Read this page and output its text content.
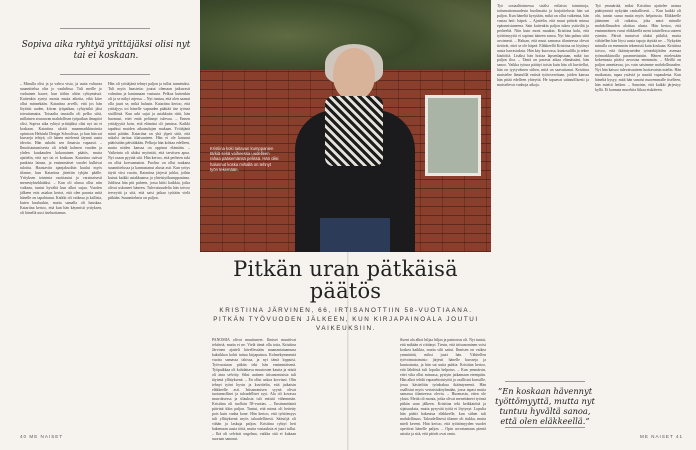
Sopiva aika ryhtyä yrittäjäksi olisi nyt tai ei koskaan.
– Minulla olisi ja ja vahva visio, ja uutta valtavaa suunnittelua olin jo vauhdissa. Tuli meille jo varhainen haave, kun töihin oltiin ryhtymässä. Kuitenkin syntyi monia muita aikeita, eikä kiire ollut minnekään. Katariina arvelli, että jos hän löytäisi uuden, kiivan työpaikan, ryhtyisikö jäisi toteuttamatta. Toisaalta taustalla oli pelko siitä, millainen seuraavan mahdollisen työpaikan ilmapiiri olisi. Sopiva aika ryhtyä yrittäjäksi olisi nyt tai ei koskaan. Katariina aloitti maanmarkkinointia opintoon Helsinki Design Schoolissa, ja kun hän sai kursseja tehtyä, oli hänen mielensä täynnä uusia ideoita. Hän uskalsi sen ilmaista vapaasti. – Ilmoittautumisesta oli tehdä kolmen vuoden ja yhden kuukauden kokonainen päätös, mutta ajattelin, että nyt tai ei koskaan. Katariina ostivat pankista lainan, ja ensimmäiset vuodet kulkivat tuloitta. Haastaviin ajanjaksoihin kuului myös tilanne, kun Katariina jätettiin tyhjän päälle. Yrityksen toiminta osoittautui jo varsinaisesti menestyksekkääksi. – Kun oli alussa ollut niin vaikeaa, tuntui hyvältä kun alkoi sujua. Vuoden jälkeen eräs asiakas kertoi, että olen parasta mitä hänelle on tapahtunut. Kaikki oli vaikeaa ja kallista, kuten kuuluukin, mutta samalla oli hauskaa. Katariina kertoo, että kun hän käynnisti yrityksen, oli hänellä uusi itseluottamus.
Hän oli yrittäjänä tehnyt paljon ja tullut tunnetuksi. Tuli myös haasteita: joutui olemaan jatkuvasti valmiina ja kantamaan vastuuta. Pelkoa kuitenkin oli ja se näkyi arjessa. – Nyt tuntuu, että olen saanut olla juuri se, mikä halusin. Katariina kertoo, että yrittäjyys toi hänelle vapauden päättää itse työnsä sisällöstä. Kun arki sujui ja asiakkaita riitti, hän huomasi, ettei enää pelännyt tulevaa. – Ennen yrittäjyyttä koin, että elämäni oli jumissa. Kaikki tapahtui muiden aikataulujen mukaan. Yrittäjänä minä päätän. Katariina on yhä ylpeä siitä, että uskalsi tarttua tilaisuuteen. Hän ei ole katunut päätöstään päivääkään. Pelkoja hän kohtaa edelleen, mutta niiden kanssa on oppinut elämään. – Vaikeinta oli aluksi myöntää, että tarvitsen apua. Nyt osaan pyytää sitä. Hän kertoo, että perheen tuki on ollut korvaamaton. Puoliso on ollut mukana suunnittelussa ja kannustanut alusta asti. Kun yritys täytti viisi vuotta, Katariina järjesti juhlat, joihin kutsui kaikki asiakkaansa ja yhteistyökumppaninsa. Juhlissa hän piti puheen, jossa kiitti kaikkia, jotka olivat uskoneet häneen. Tulevaisuudelta hän toivoo terveyttä ja sitä, että saisi jatkaa työtään vielä pitkään. Suunnitelmia on paljon.
Kristiina koki taitavan kumppanien tärkiä sekä vaiheessa uudelleen rahaa pääsemänsä pelissä. Hän olisi halunnut koska mihallä on tehnyt työn tekemään.
Pitkän uran pätkäisä päätös
KRISTIINA JÄRVINEN, 66, IRTISANOTTIIN 58-VUOTIAANA. PITKÄN TYÖVUODEN JÄLKEEN, KUN KIRJAPAINOALA JOUTUI VAIKEUKSIIN.
PANOMIA olivat muuttuneet. Ilmiset muuttivat tehtäviä, mutta ei ne. Vielä tämä olla totta, Kristiina Järvinen ajatteli kävellessään maanantaiaamuna kaksikkoa kohti tuttua kirjapainoa. Kolmekymmentä vuotta samassa talossa, ja nyt tämä loppuisi. Työvuosiaan pitkän teki hän ensimmäisenä. Työpaikkaa oli kohdattava muutosten kautta ja niistä oli aina selvitty. Siksi uutinen irtisanomisista tuli täytenä yllätyksenä. – En ollut uskoa korviani. Olin tehnyt työni hyvin ja kuvittelin, että jatkaisin eläkkeelle asti. Irtisanomisen syynä olivat tuotannolliset ja taloudelliset syyt. Ala oli kovassa murroksessa ja tilauksia tuli entistä vähemmän. Kristiina oli tuolloin 58-vuotias. – Ensimmäisinä päivinä itkin paljon. Tuntui, että minut oli heitetty pois kuin vanha kone. Hän kertoo, että työttömyys tuli yllätyksenä myös taloudellisesti. Säästöjä oli vähän ja laskuja paljon. Kristiina ryhtyi heti hakemaan uusia töitä, mutta vastauksia ei juuri tullut. – Ikä oli selvästi ongelma, vaikka sitä ei kukaan suoraan sanonut.
fluent ala alkoi hiljaa hiljaa ja painostus oli. Nyt tuntui, että mikään ei riittänyt. Tiesin, että irtisanominen voisi koskea kaikkia, mutta silti sattui. Ihmisen on vaikea ymmärtää, miksi juuri hän. Vähitellen työvoimatoimisto järjesti hänelle kursseja ja kuntoutusta, ja hän sai uutta puhtia. Kristiina kertoo, että lähdöstä tuli lopulta helpotus. – Kun ymmärsin, ettei vika ollut minussa, pystyin jatkamaan eteenpäin. Hän alkoi tehdä vapaaehtoistyötä ja osallistui kurssille, jossa käsiteltiin työnhakua ikääntyneenä. Hän osallistui myös vertaistukiryhmään, jossa tapasi muita samassa tilanteessa olevia. – Huomasin, etten ole yksin. Meitä oli monta, jotka olivat menettäneet työnsä pitkän uran jälkeen. Kristiina teki keikkatöitä ja sijaisuuksia, mutta pysyvää työtä ei löytynyt. Lopulta hän päätti hakeutua eläkkeelle, kun siihen tuli mahdollisuus. Taloudellisesti tilanne oli tiukka, mutta mieli keveni. Hän kertoo, että työttömyyden vuodet opettivat hänelle paljon. – Opin arvostamaan pieniä asioita ja sitä, että päivät ovat omia.
Työ sosiaalitoimessa sisälsi erilaisia toimintoja, tottumattomuudesta huolimatta ja harjoittelusta hän sai paljon. Kun häneltä kysytään, mikä on ollut vaikeinta, hän vastaa heti: häpeä. – Ajattelin, että muut pitävät minua epäonnistuneena. Sain kuitenkin paljon tukea ystäviltä ja perheeltä. Niin kuin moni muukin, Kristiina koki, että työttömyyttä ei sopinut ääneen sanoa. Nyt hän puhuu siitä avoimesti. – Haluan, että muut samassa tilanteessa olevat tietävät, ettei se ole häpeä. Eläkkeellä Kristiina on löytänyt uusia harrastuksia. Hän käy kuorossa, kuntosalilla ja tekee käsitöitä. Lisäksi hän hoitaa lapsenlapsiaan, mikä tuo paljon iloa. – Tämä on parasta aikaa elämässäni, hän sanoo. Vaikka työura päättyi toisin kuin hän oli kuvitellut, hän on tyytyväinen siihen, mitä on saavuttanut. Kristiina muistelee lämmöllä entisiä työtovereitaan, joiden kanssa hän pitää edelleen yhteyttä. He tapaavat säännöllisesti ja muistelevat vanhoja aikoja.
Työ ymmärtää, miksi Kristiina ajattelee uransa päättymistä nykyään rauhallisesti. – Kun kaikki oli ohi, tunsin surua mutta myös helpotusta. Eläkkeelle jääminen oli ratkaisu, joka antoi minulle mahdollisuuden aloittaa alusta. Hän kertoo, että ensimmäinen vuosi eläkkeellä meni totutellessa uuteen rytmiin. Päivät tuntuivat aluksi pitkiltä, mutta vähitellen hän löysi uusia tapoja täyttää ne. – Nykyään minulla on enemmän tekemistä kuin koskaan. Kristiina toivoo, että ikääntyneiden työntekijöiden asemaa työmarkkinoilla parannettaisiin. Hänen mielestään kokemusta pitäisi arvostaa enemmän. – Meillä on paljon annettavaa, jos vain saisimme mahdollisuuden. Nyt hän katsoo tulevaisuuteen luottavaisin mielin. Hän matkustaa, tapaa ystäviä ja nauttii vapaudesta. Kun häneltä kysyy, mitä hän sanoisi nuoremmalle itselleen, hän miettii hetken. – Sanoisin, että kaikki järjestyy kyllä. Ei kannata murehtia liikaa etukäteen.
”En koskaan hävennyt työttömyyttä, mutta nyt tuntuu hyvältä sanoa, että olen eläkkeellä.”
40 ME NAISET	ME NAISET 41
